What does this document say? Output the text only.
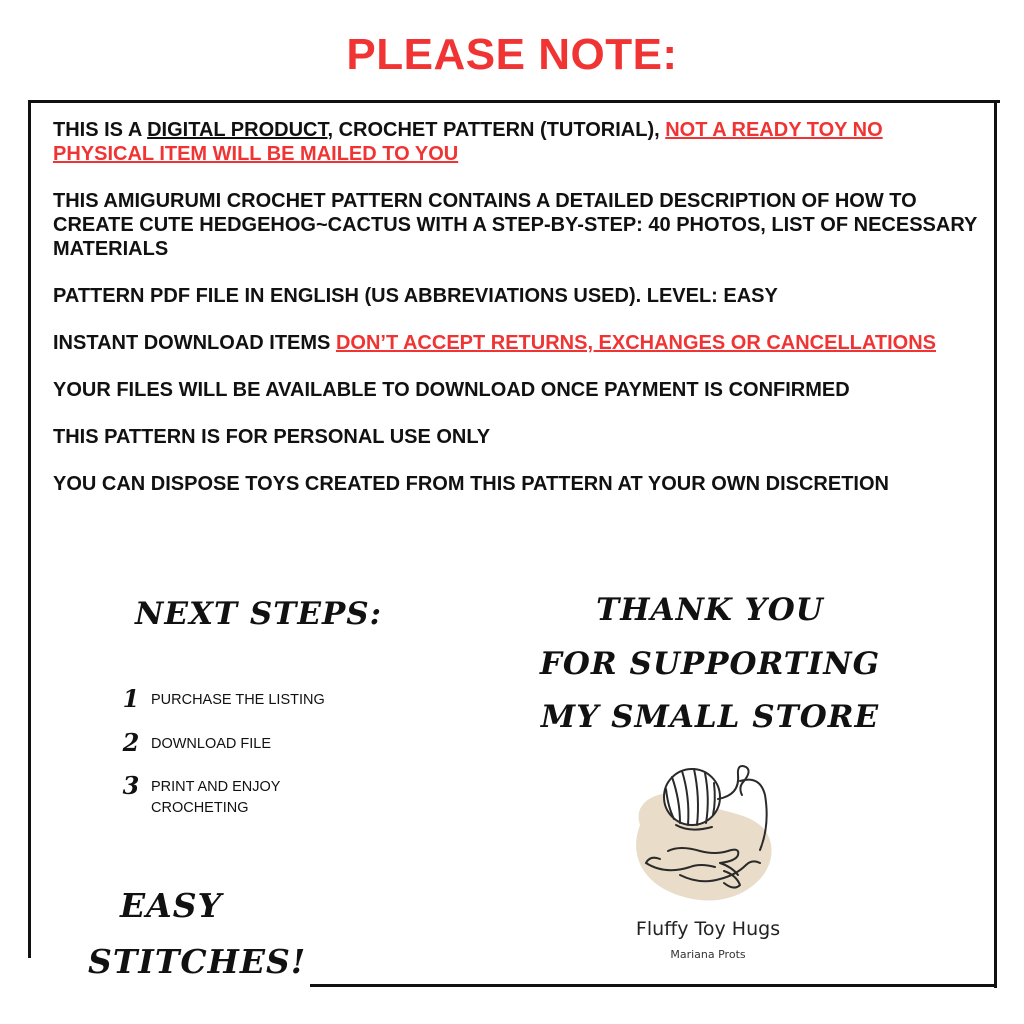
PLEASE NOTE:

THIS IS A DIGITAL PRODUCT, CROCHET PATTERN (TUTORIAL), NOT A READY TOY NO PHYSICAL ITEM WILL BE MAILED TO YOU

THIS AMIGURUMI CROCHET PATTERN CONTAINS A DETAILED DESCRIPTION OF HOW TO CREATE CUTE HEDGEHOG~CACTUS WITH A STEP-BY-STEP: 40 PHOTOS, LIST OF NECESSARY MATERIALS

PATTERN PDF FILE IN ENGLISH (US ABBREVIATIONS USED). LEVEL: EASY

INSTANT DOWNLOAD ITEMS DON’T ACCEPT RETURNS, EXCHANGES OR CANCELLATIONS

YOUR FILES WILL BE AVAILABLE TO DOWNLOAD ONCE PAYMENT IS CONFIRMED

THIS PATTERN IS FOR PERSONAL USE ONLY

YOU CAN DISPOSE TOYS CREATED FROM THIS PATTERN AT YOUR OWN DISCRETION

NEXT STEPS:
1 PURCHASE THE LISTING
2 DOWNLOAD FILE
3 PRINT AND ENJOY CROCHETING
THANK YOU
FOR SUPPORTING
MY SMALL STORE
EASY
STITCHES!
Fluffy Toy Hugs
Mariana Prots
